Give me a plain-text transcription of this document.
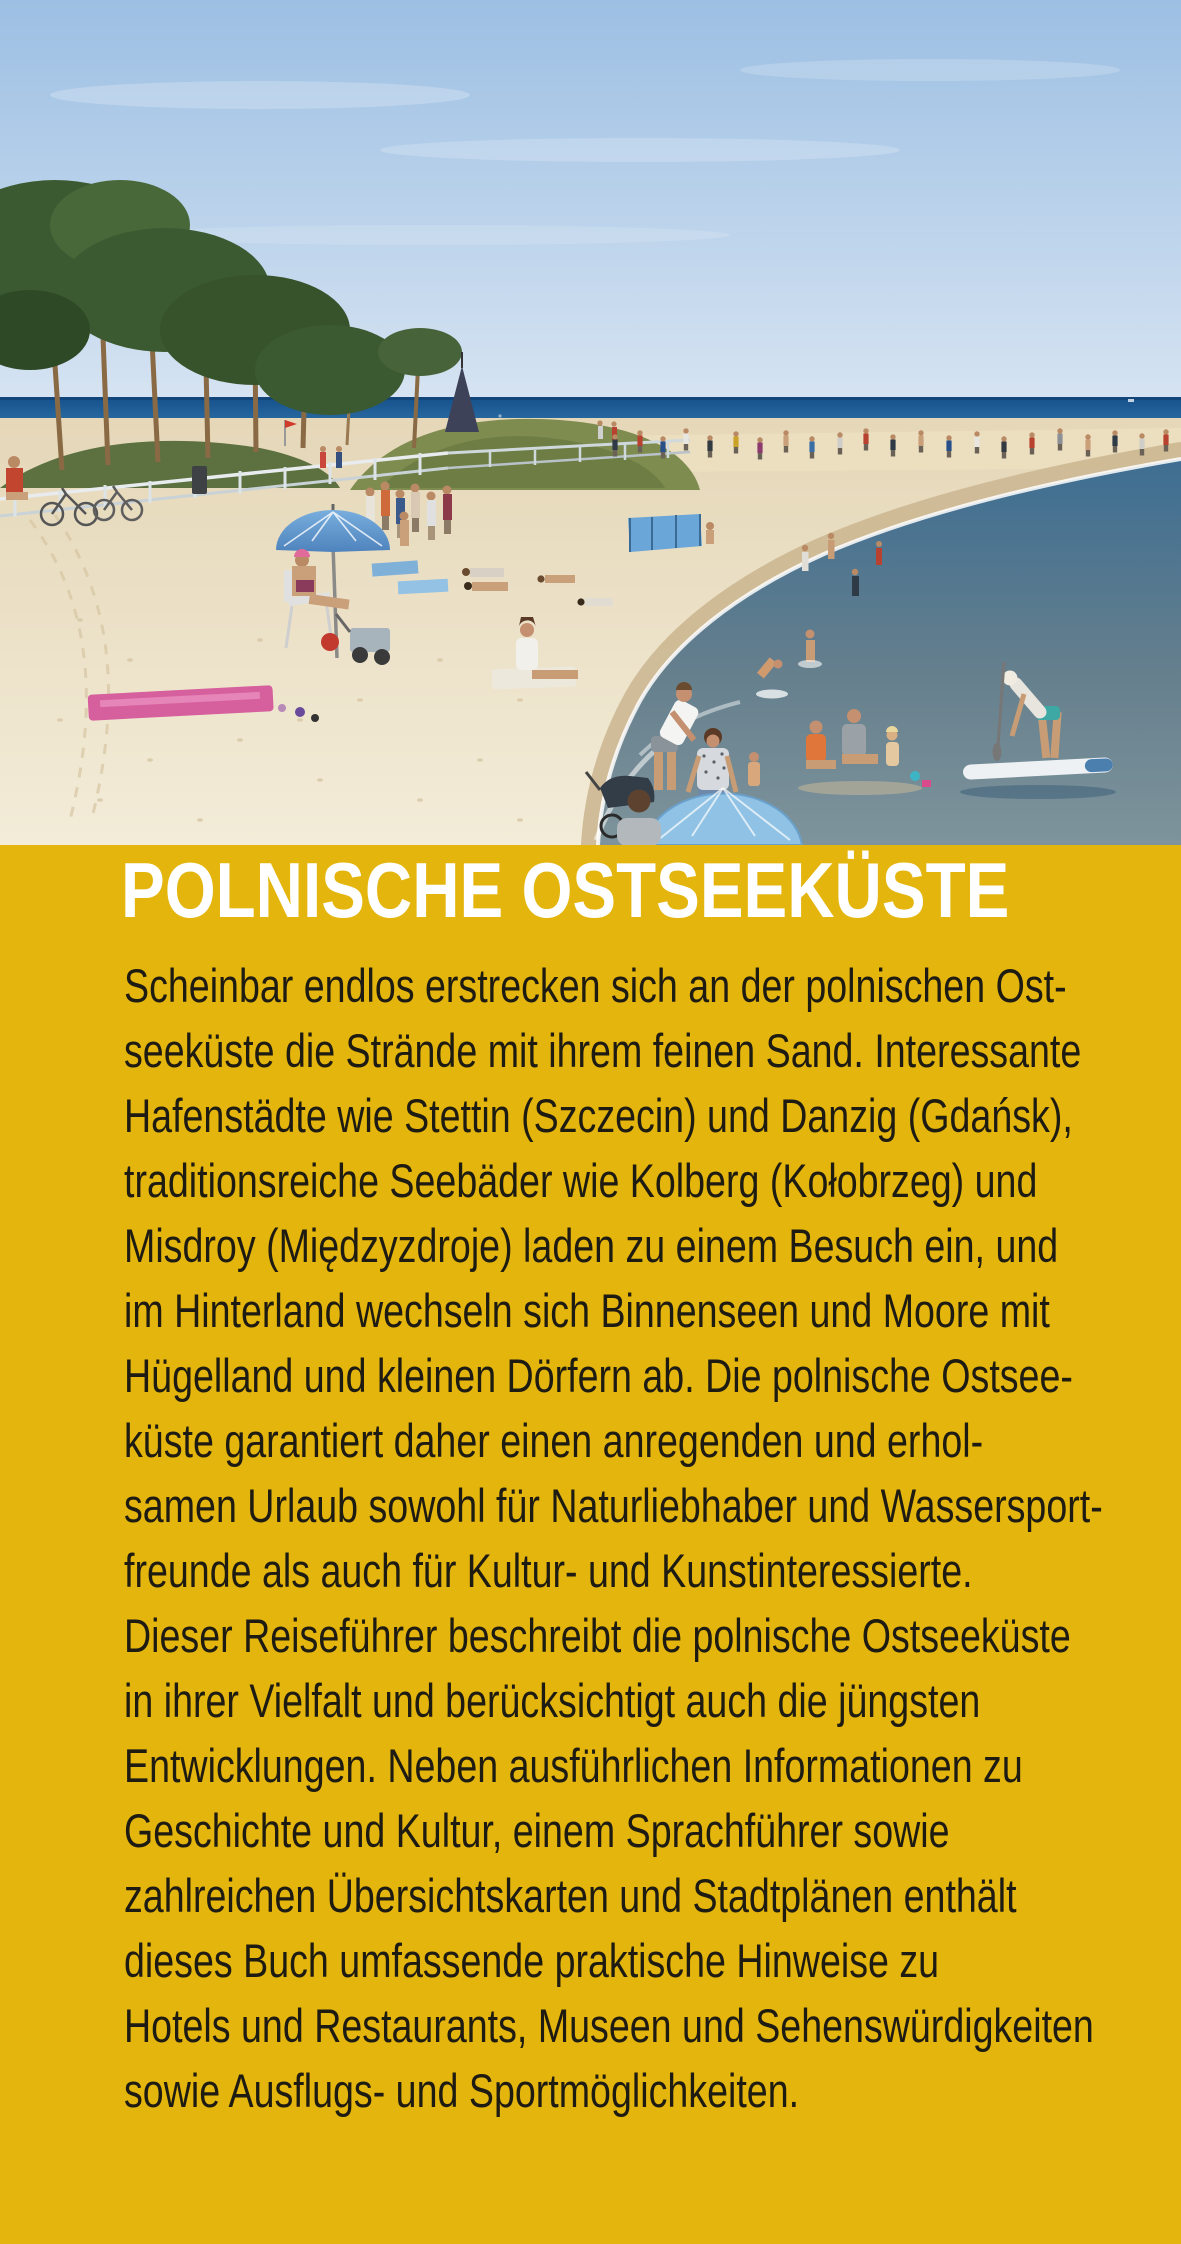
POLNISCHE OSTSEEKÜSTE
Scheinbar endlos erstrecken sich an der polnischen Ost-
seeküste die Strände mit ihrem feinen Sand. Interessante
Hafenstädte wie Stettin (Szczecin) und Danzig (Gdańsk),
traditionsreiche Seebäder wie Kolberg (Kołobrzeg) und
Misdroy (Międzyzdroje) laden zu einem Besuch ein, und
im Hinterland wechseln sich Binnenseen und Moore mit
Hügelland und kleinen Dörfern ab. Die polnische Ostsee-
küste garantiert daher einen anregenden und erhol-
samen Urlaub sowohl für Naturliebhaber und Wassersport-
freunde als auch für Kultur- und Kunstinteressierte.
Dieser Reiseführer beschreibt die polnische Ostseeküste
in ihrer Vielfalt und berücksichtigt auch die jüngsten
Entwicklungen. Neben ausführlichen Informationen zu
Geschichte und Kultur, einem Sprachführer sowie
zahlreichen Übersichtskarten und Stadtplänen enthält
dieses Buch umfassende praktische Hinweise zu
Hotels und Restaurants, Museen und Sehenswürdigkeiten
sowie Ausflugs- und Sportmöglichkeiten.
